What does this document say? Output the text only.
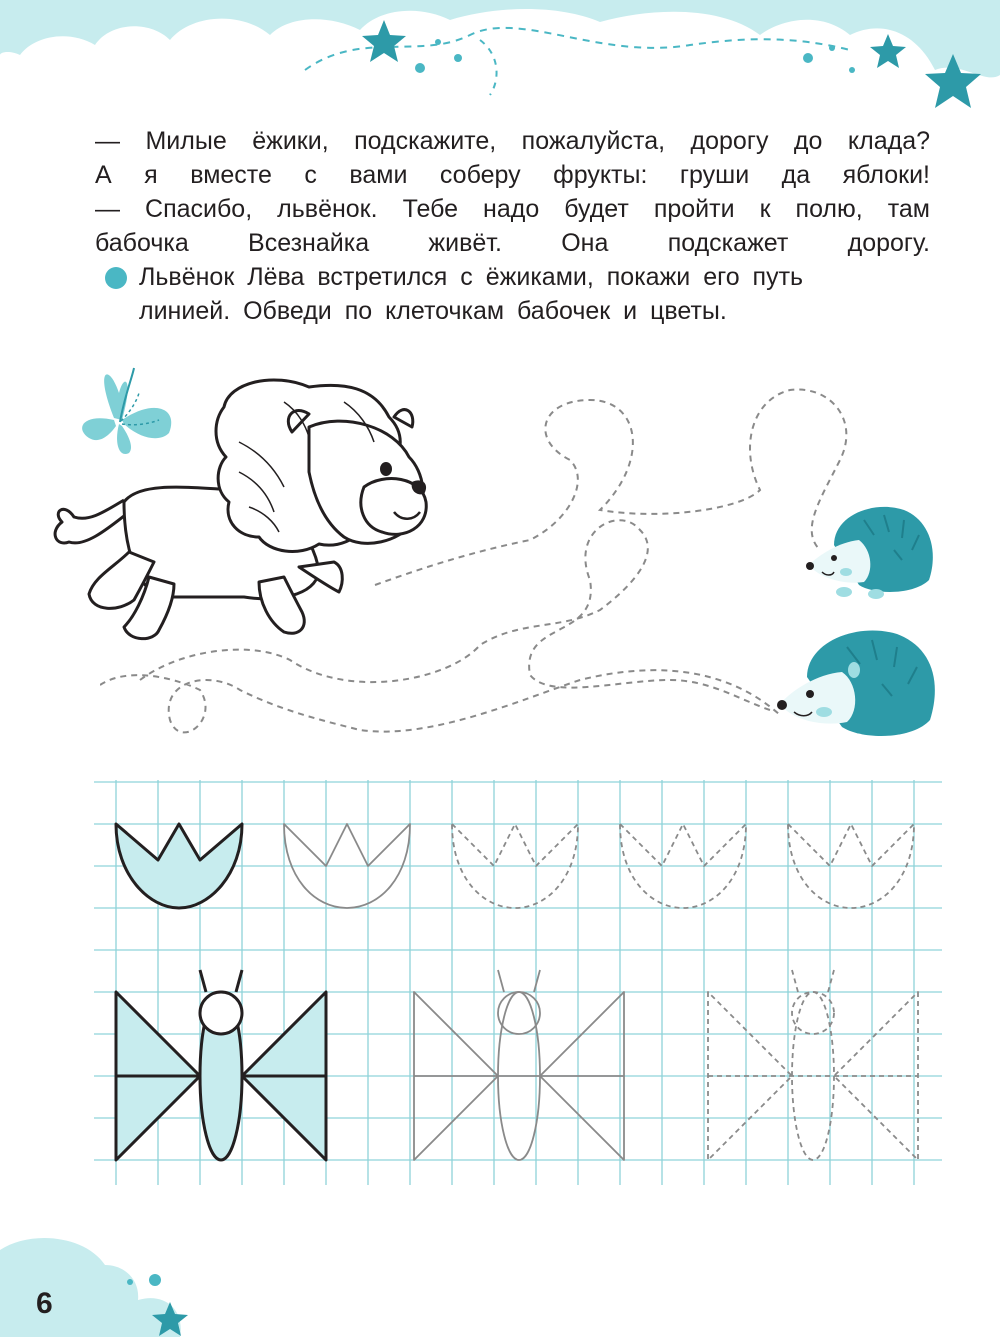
— Милые ёжики, подскажите, пожалуйста, дорогу до клада?
А я вместе с вами соберу фрукты: груши да яблоки!
— Спасибо, львёнок. Тебе надо будет пройти к полю, там
бабочка Всезнайка живёт. Она подскажет дорогу.
Львёнок Лёва встретился с ёжиками, покажи его путь
линией. Обведи по клеточкам бабочек и цветы.
6
